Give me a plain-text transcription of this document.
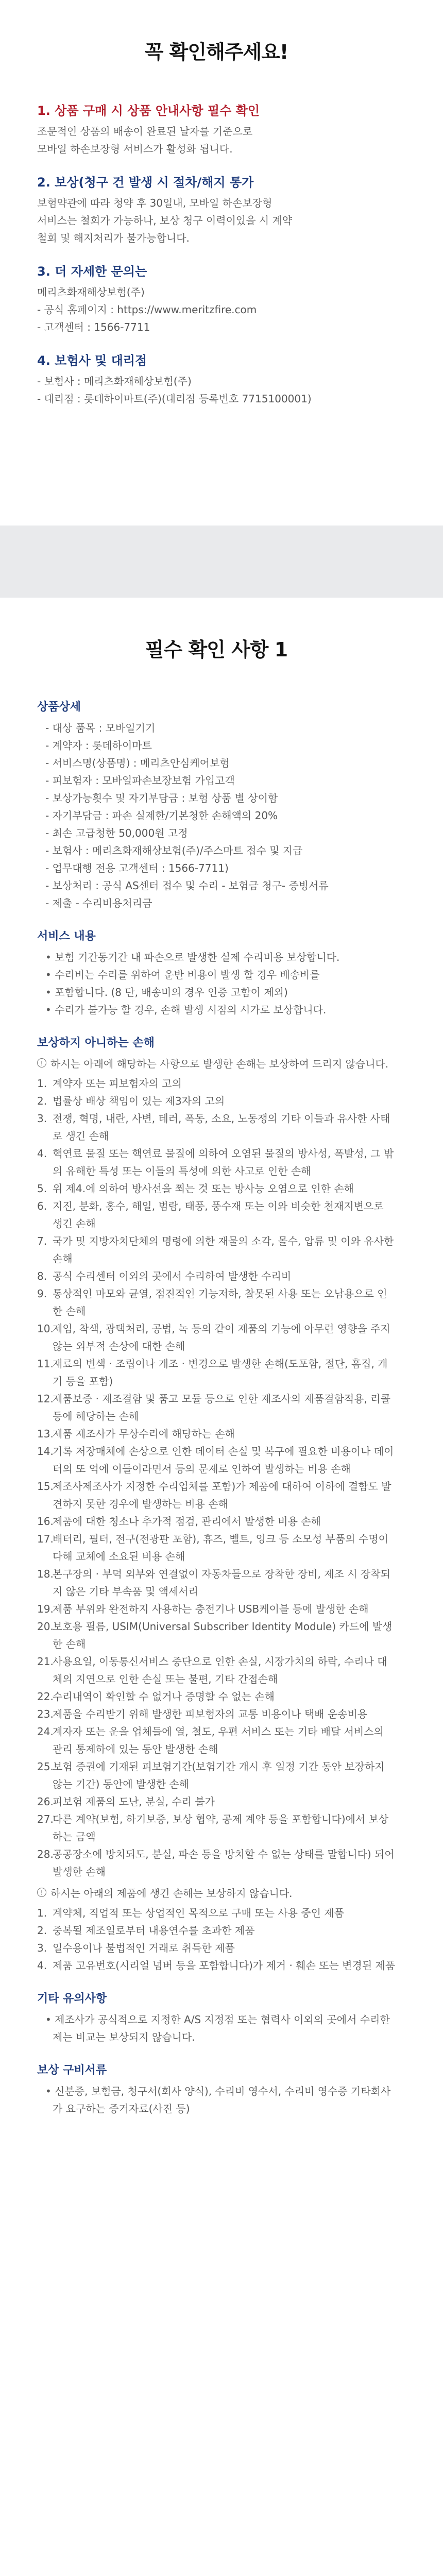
꼭 확인해주세요!
1. 상품 구매 시 상품 안내사항 필수 확인

조문적인 상품의 배송이 완료된 날자를 기준으로

모바일 하손보장형 서비스가 활성화 됩니다.

2. 보상(청구 건 발생 시 절차/해지 통가

보험약관에 따라 청약 후 30일내, 모바일 하손보장형

서비스는 철회가 가능하나, 보상 청구 이력이있을 시 계약

철회 및 해지처리가 불가능합니다.

3. 더 자세한 문의는

메리츠화재해상보험(주)

- 공식 홈페이지 : https://www.meritzfire.com

- 고객센터 : 1566-7711

4. 보험사 및 대리점

- 보험사 : 메리츠화재해상보험(주)

- 대리점 : 롯데하이마트(주)(대리점 등록번호 7715100001)

필수 확인 사항 1
상품상세
- 대상 품목 : 모바일기기
- 계약자 : 롯데하이마트
- 서비스명(상품명) : 메리츠안심케어보험
- 피보험자 : 모바일파손보장보험 가입고객
- 보상가능횟수 및 자기부담금 : 보험 상품 별 상이함
- 자기부담금 : 파손 실제한/기본청한 손해액의 20%
- 최손 고급청한 50,000원 고정
- 보험사 : 메리츠화재해상보험(주)/주스마트 접수 및 지급
- 업무대행 전용 고객센터 : 1566-7711)
- 보상처리 : 공식 AS센터 접수 및 수리 - 보험금 청구- 증빙서류
- 제출 - 수리비용처리금
서비스 내용
• 보험 기간동기간 내 파손으로 발생한 실제 수리비용 보상합니다.
• 수리비는 수리를 위하여 운반 비용이 발생 할 경우 배송비를
• 포함합니다. (8 단, 배송비의 경우 인증 고함이 제외)
• 수리가 불가능 할 경우, 손해 발생 시점의 시가로 보상합니다.
보상하지 아니하는 손해
! 하시는 아래에 해당하는 사항으로 발생한 손해는 보상하여 드리지 않습니다.
1. 계약자 또는 피보험자의 고의
2. 법률상 배상 책임이 있는 제3자의 고의
3. 전쟁, 혁명, 내란, 사변, 테러, 폭동, 소요, 노동쟁의 기타 이들과 유사한 사태로 생긴 손해
4. 핵연료 물질 또는 핵연료 물질에 의하여 오염된 물질의 방사성, 폭발성, 그 밖의 유해한 특성 또는 이들의 특성에 의한 사고로 인한 손해
5. 위 제4.에 의하여 방사선을 쬐는 것 또는 방사능 오염으로 인한 손해
6. 지진, 분화, 홍수, 해일, 범람, 태풍, 풍수재 또는 이와 비슷한 천재지변으로 생긴 손해
7. 국가 및 지방자치단체의 명령에 의한 재물의 소각, 몰수, 압류 및 이와 유사한 손해
8. 공식 수리센터 이외의 곳에서 수리하여 발생한 수리비
9. 통상적인 마모와 균열, 점진적인 기능저하, 찰못된 사용 또는 오남용으로 인한 손해
10.
제임, 착색, 광택처리, 공법, 녹 등의 같이 제품의 기능에 아무런 영향을 주지 않는 외부적 손상에 대한 손해
11.
재료의 변색 · 조립이나 개조 · 변경으로 발생한 손해(도포함, 절단, 흠집, 개기 등을 포함)
12.
제품보증 · 제조결함 및 품고 모듈 등으로 인한 제조사의 제품결함적용, 리콜 등에 해당하는 손해
13.
제품 제조사가 무상수리에 해당하는 손해
14.
기록 저장매체에 손상으로 인한 데이터 손실 및 복구에 필요한 비용이나 데이터의 또 억에 이들이라면서 등의 문제로 인하여 발생하는 비용 손해
15.
제조사제조사가 지정한 수리업체를 포함)가 제품에 대하여 이하에 결함도 발견하지 못한 경우에 발생하는 비용 손해
16.
제품에 대한 청소나 추가적 점검, 관리에서 발생한 비용 손해
17.
배터리, 필터, 전구(전광판 포함), 휴즈, 벨트, 잉크 등 소모성 부품의 수명이 다해 교체에 소요된 비용 손해
18.
본구장의 · 부덕 외부와 연결없이 자동차들으로 장착한 장비, 제조 시 장착되지 않은 기타 부속품 및 액세서리
19.
제품 부위와 완전하지 사용하는 충전기나 USB케이블 등에 발생한 손해
20.
보호용 필름, USIM(Universal Subscriber Identity Module) 카드에 발생한 손해
21.
사용요일, 이동통신서비스 중단으로 인한 손실, 시장가치의 하락, 수리나 대체의 지연으로 인한 손실 또는 불편, 기타 간접손해
22.
수리내역이 확인할 수 없거나 증명할 수 없는 손해
23.
제품을 수리받기 위해 발생한 피보험자의 교통 비용이나 택배 운송비용
24.
계자자 또는 운을 업체들에 열, 철도, 우편 서비스 또는 기타 배달 서비스의 관리 통제하에 있는 동안 발생한 손해
25.
보험 증권에 기재된 피보험기간(보험기간 개시 후 일정 기간 동안 보장하지 않는 기간) 동안에 발생한 손해
26.
피보험 제품의 도난, 분실, 수리 불가
27.
다른 계약(보험, 하기보증, 보상 협약, 공제 계약 등을 포함합니다)에서 보상하는 금액
28.
공공장소에 방치되도, 분실, 파손 등을 방치할 수 없는 상태를 말합니다) 되어 발생한 손해
! 하시는 아래의 제품에 생긴 손해는 보상하지 않습니다.
1. 계약체, 직업적 또는 상업적인 목적으로 구매 또는 사용 중인 제품
2. 중복될 제조일로부터 내용연수를 초과한 제품
3. 일수용이나 불법적인 거래로 취득한 제품
4. 제품 고유번호(시리얼 넘버 등을 포함합니다)가 제거 · 훼손 또는 변경된 제품
기타 유의사항
• 제조사가 공식적으로 지정한 A/S 지정점 또는 협력사 이외의 곳에서 수리한 제는 비교는 보상되지 않습니다.
보상 구비서류
• 신분증, 보험금, 청구서(회사 양식), 수리비 영수서, 수리비 영수증 기타회사가 요구하는 증거자료(사진 등)
